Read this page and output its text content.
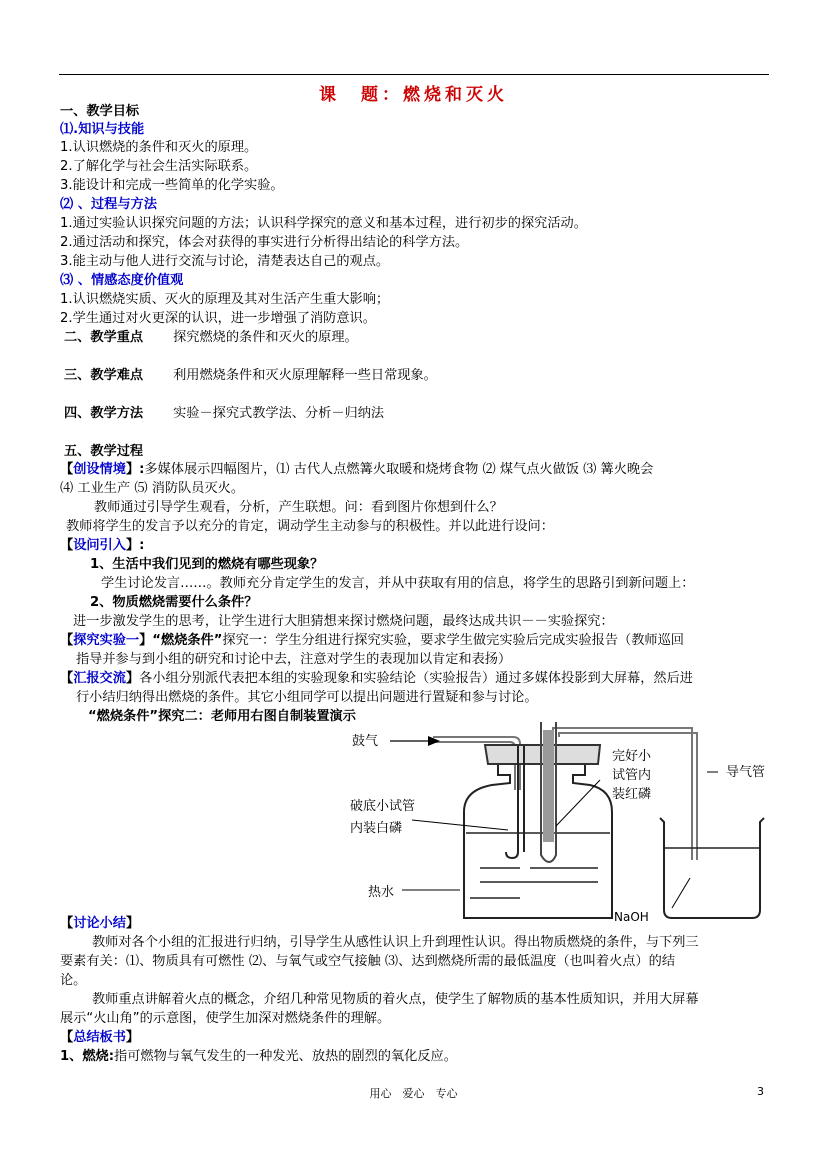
课　题：燃烧和灭火
一、教学目标
⑴.知识与技能
1.认识燃烧的条件和灭火的原理。
2.了解化学与社会生活实际联系。
3.能设计和完成一些简单的化学实验。
⑵ 、过程与方法
1.通过实验认识探究问题的方法；认识科学探究的意义和基本过程，进行初步的探究活动。
2.通过活动和探究，体会对获得的事实进行分析得出结论的科学方法。
3.能主动与他人进行交流与讨论，清楚表达自己的观点。
⑶ 、情感态度价值观
1.认识燃烧实质、灭火的原理及其对生活产生重大影响；
2.学生通过对火更深的认识，进一步增强了消防意识。
二、教学重点 探究燃烧的条件和灭火的原理。
三、教学难点 利用燃烧条件和灭火原理解释一些日常现象。
四、教学方法 实验－探究式教学法、分析－归纳法
五、教学过程
【创设情境】:多媒体展示四幅图片，⑴ 古代人点燃篝火取暖和烧烤食物 ⑵ 煤气点火做饭 ⑶ 篝火晚会
⑷ 工业生产 ⑸ 消防队员灭火。
教师通过引导学生观看，分析，产生联想。问：看到图片你想到什么？
教师将学生的发言予以充分的肯定，调动学生主动参与的积极性。并以此进行设问：
【设问引入】:
1、生活中我们见到的燃烧有哪些现象？
学生讨论发言……。教师充分肯定学生的发言，并从中获取有用的信息，将学生的思路引到新问题上：
2、物质燃烧需要什么条件？
进一步激发学生的思考，让学生进行大胆猜想来探讨燃烧问题，最终达成共识－－实验探究：
【探究实验一】“燃烧条件”探究一：学生分组进行探究实验，要求学生做完实验后完成实验报告（教师巡回
指导并参与到小组的研究和讨论中去，注意对学生的表现加以肯定和表扬）
【汇报交流】各小组分别派代表把本组的实验现象和实验结论（实验报告）通过多媒体投影到大屏幕，然后进
行小结归纳得出燃烧的条件。其它小组同学可以提出问题进行置疑和参与讨论。
“燃烧条件”探究二：老师用右图自制装置演示
鼓气
导气管
完好小
试管内
装红磷
破底小试管
内装白磷
热水
NaOH
【讨论小结】
教师对各个小组的汇报进行归纳，引导学生从感性认识上升到理性认识。得出物质燃烧的条件，与下列三
要素有关：⑴、物质具有可燃性 ⑵、与氧气或空气接触 ⑶、达到燃烧所需的最低温度（也叫着火点）的结
论。
教师重点讲解着火点的概念，介绍几种常见物质的着火点，使学生了解物质的基本性质知识，并用大屏幕
展示“火山角”的示意图，使学生加深对燃烧条件的理解。
【总结板书】
1、燃烧:指可燃物与氧气发生的一种发光、放热的剧烈的氧化反应。
用心　爱心　专心	3
